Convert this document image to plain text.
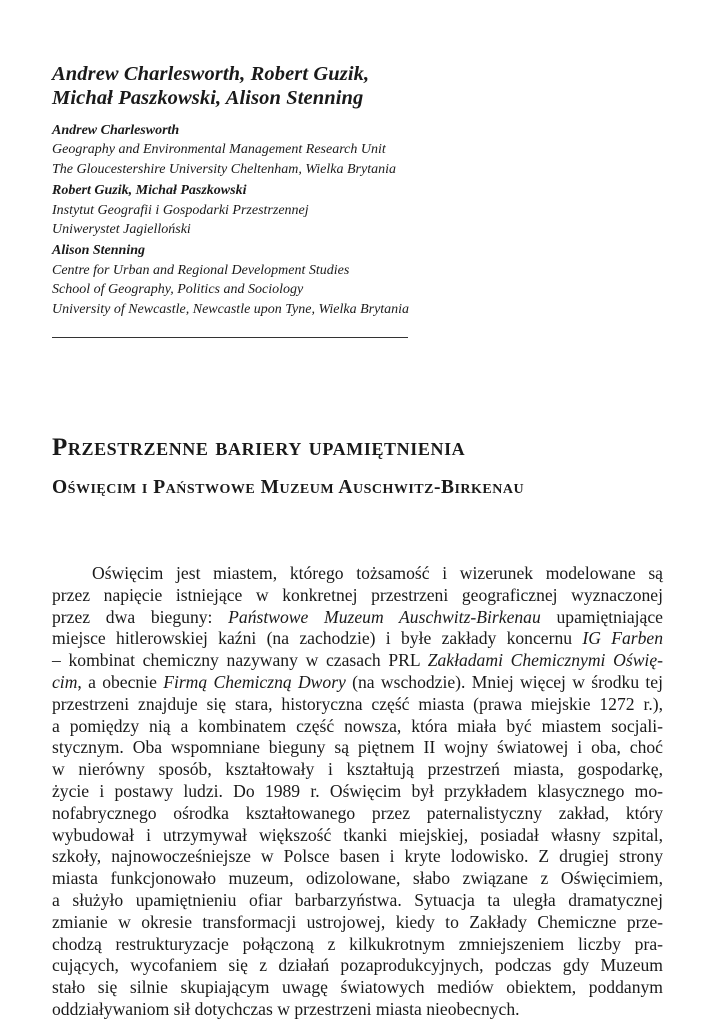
Andrew Charlesworth, Robert Guzik,
Michał Paszkowski, Alison Stenning
Andrew Charlesworth
Geography and Environmental Management Research Unit
The Gloucestershire University Cheltenham, Wielka Brytania
Robert Guzik, Michał Paszkowski
Instytut Geografii i Gospodarki Przestrzennej
Uniwerystet Jagielloński
Alison Stenning
Centre for Urban and Regional Development Studies
School of Geography, Politics and Sociology
University of Newcastle, Newcastle upon Tyne, Wielka Brytania
Przestrzenne bariery upamiętnienia
Oświęcim i Państwowe Muzeum Auschwitz-Birkenau
Oświęcim jest miastem, którego tożsamość i wizerunek modelowane są
przez napięcie istniejące w konkretnej przestrzeni geograficznej wyznaczonej
przez dwa bieguny: Państwowe Muzeum Auschwitz-Birkenau upamiętniające
miejsce hitlerowskiej kaźni (na zachodzie) i byłe zakłady koncernu IG Farben
– kombinat chemiczny nazywany w czasach PRL Zakładami Chemicznymi Oświę-
cim, a obecnie Firmą Chemiczną Dwory (na wschodzie). Mniej więcej w środku tej
przestrzeni znajduje się stara, historyczna część miasta (prawa miejskie 1272 r.),
a pomiędzy nią a kombinatem część nowsza, która miała być miastem socjali-
stycznym. Oba wspomniane bieguny są piętnem II wojny światowej i oba, choć
w nierówny sposób, kształtowały i kształtują przestrzeń miasta, gospodarkę,
życie i postawy ludzi. Do 1989 r. Oświęcim był przykładem klasycznego mo-
nofabrycznego ośrodka kształtowanego przez paternalistyczny zakład, który
wybudował i utrzymywał większość tkanki miejskiej, posiadał własny szpital,
szkoły, najnowocześniejsze w Polsce basen i kryte lodowisko. Z drugiej strony
miasta funkcjonowało muzeum, odizolowane, słabo związane z Oświęcimiem,
a służyło upamiętnieniu ofiar barbarzyństwa. Sytuacja ta uległa dramatycznej
zmianie w okresie transformacji ustrojowej, kiedy to Zakłady Chemiczne prze-
chodzą restrukturyzacje połączoną z kilkukrotnym zmniejszeniem liczby pra-
cujących, wycofaniem się z działań pozaprodukcyjnych, podczas gdy Muzeum
stało się silnie skupiającym uwagę światowych mediów obiektem, poddanym
oddziaływaniom sił dotychczas w przestrzeni miasta nieobecnych.
